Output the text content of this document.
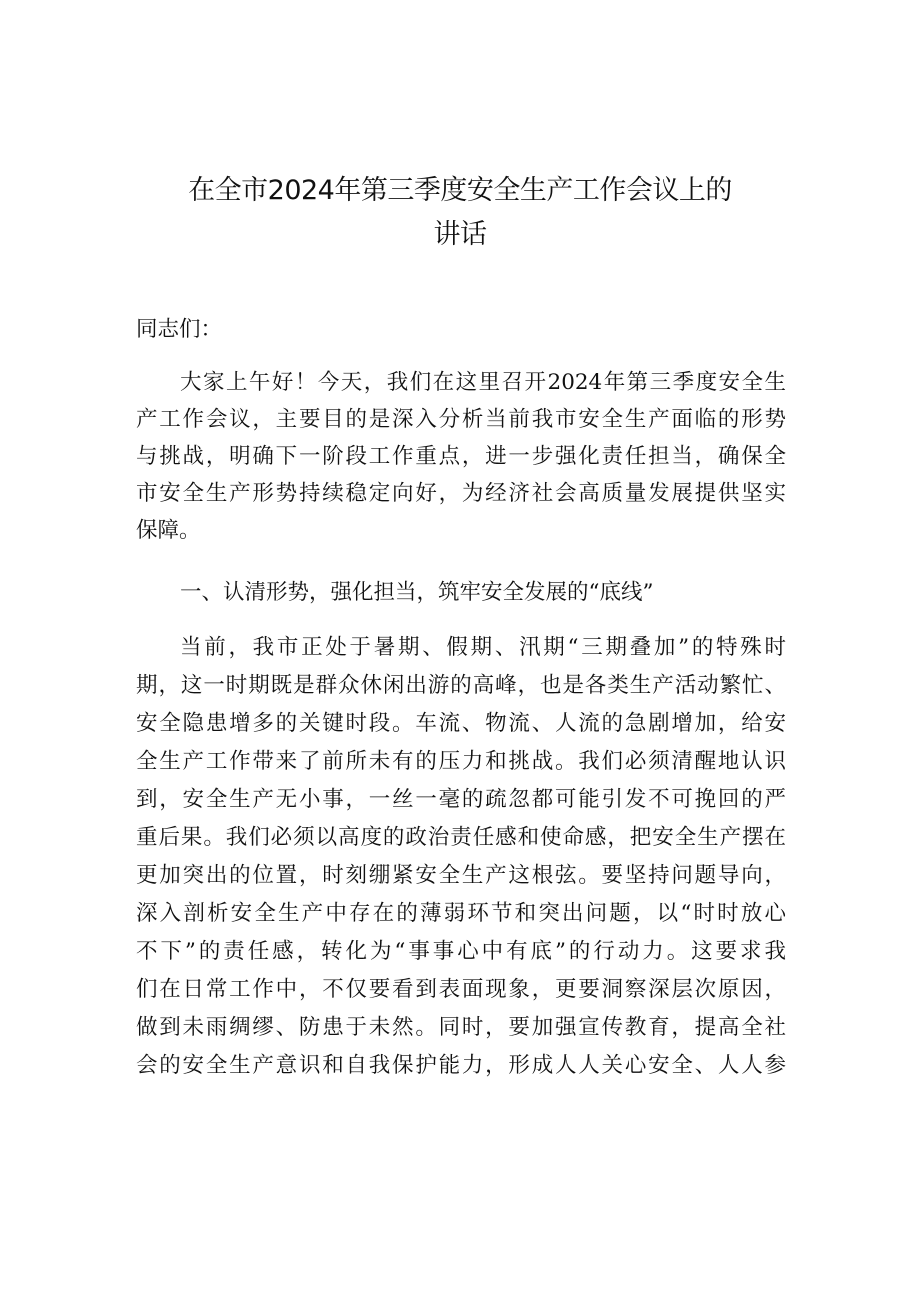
在全市2024年第三季度安全生产工作会议上的
讲话

同志们：

大家上午好！今天，我们在这里召开2024年第三季度安全生

产工作会议，主要目的是深入分析当前我市安全生产面临的形势

与挑战，明确下一阶段工作重点，进一步强化责任担当，确保全

市安全生产形势持续稳定向好，为经济社会高质量发展提供坚实

保障。

一、认清形势，强化担当，筑牢安全发展的“底线”

当前，我市正处于暑期、假期、汛期“三期叠加”的特殊时

期，这一时期既是群众休闲出游的高峰，也是各类生产活动繁忙、

安全隐患增多的关键时段。车流、物流、人流的急剧增加，给安

全生产工作带来了前所未有的压力和挑战。我们必须清醒地认识

到，安全生产无小事，一丝一毫的疏忽都可能引发不可挽回的严

重后果。我们必须以高度的政治责任感和使命感，把安全生产摆在

更加突出的位置，时刻绷紧安全生产这根弦。要坚持问题导向，

深入剖析安全生产中存在的薄弱环节和突出问题，以“时时放心

不下”的责任感，转化为“事事心中有底”的行动力。这要求我

们在日常工作中，不仅要看到表面现象，更要洞察深层次原因，

做到未雨绸缪、防患于未然。同时，要加强宣传教育，提高全社

会的安全生产意识和自我保护能力，形成人人关心安全、人人参
